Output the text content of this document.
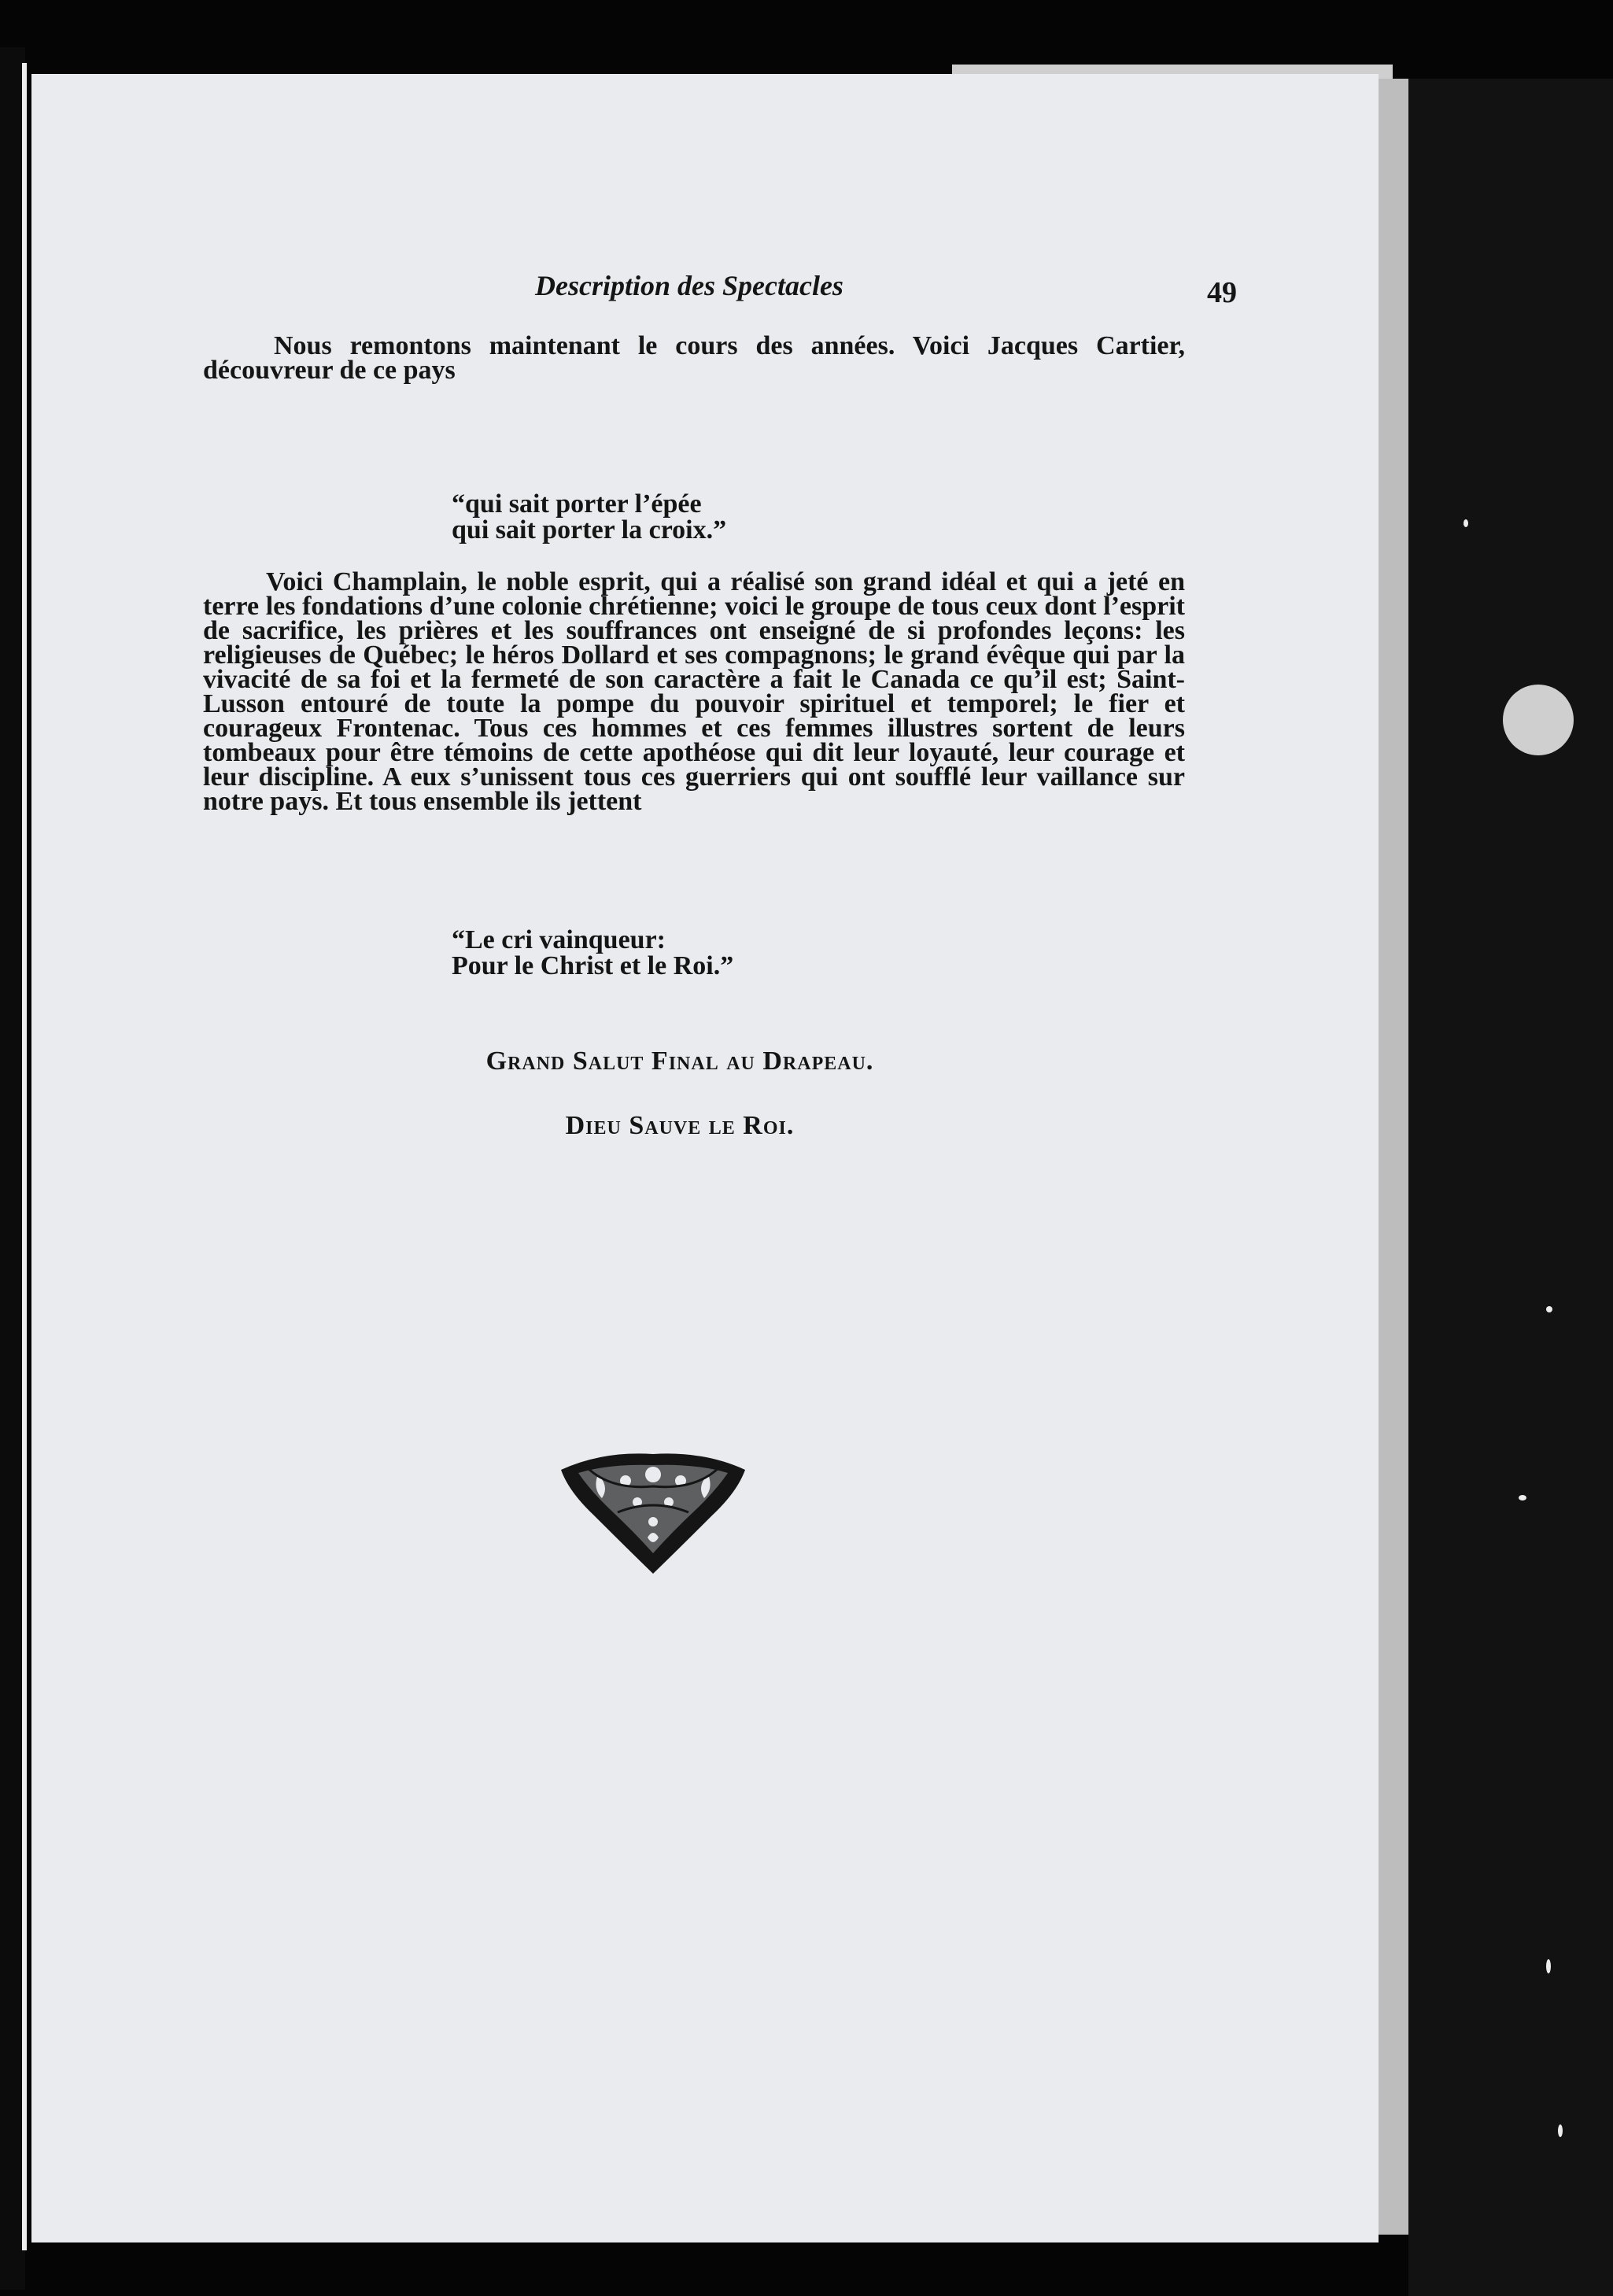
Description des Spectacles	49

Nous remontons maintenant le cours des années. Voici Jacques Cartier, découvreur de ce pays

“qui sait porter l’épée
qui sait porter la croix.”

Voici Champlain, le noble esprit, qui a réalisé son grand idéal et qui a jeté en terre les fondations d’une colonie chrétienne; voici le groupe de tous ceux dont l’esprit de sacrifice, les prières et les souffrances ont enseigné de si profondes leçons: les religieuses de Québec; le héros Dollard et ses compagnons; le grand évêque qui par la vivacité de sa foi et la fermeté de son caractère a fait le Canada ce qu’il est; Saint-Lusson entouré de toute la pompe du pouvoir spirituel et temporel; le fier et courageux Frontenac. Tous ces hommes et ces femmes illustres sortent de leurs tombeaux pour être témoins de cette apothéose qui dit leur loyauté, leur courage et leur discipline. A eux s’unissent tous ces guerriers qui ont soufflé leur vaillance sur notre pays. Et tous ensemble ils jettent

“Le cri vainqueur:
Pour le Christ et le Roi.”
Grand Salut Final au Drapeau.
Dieu Sauve le Roi.
